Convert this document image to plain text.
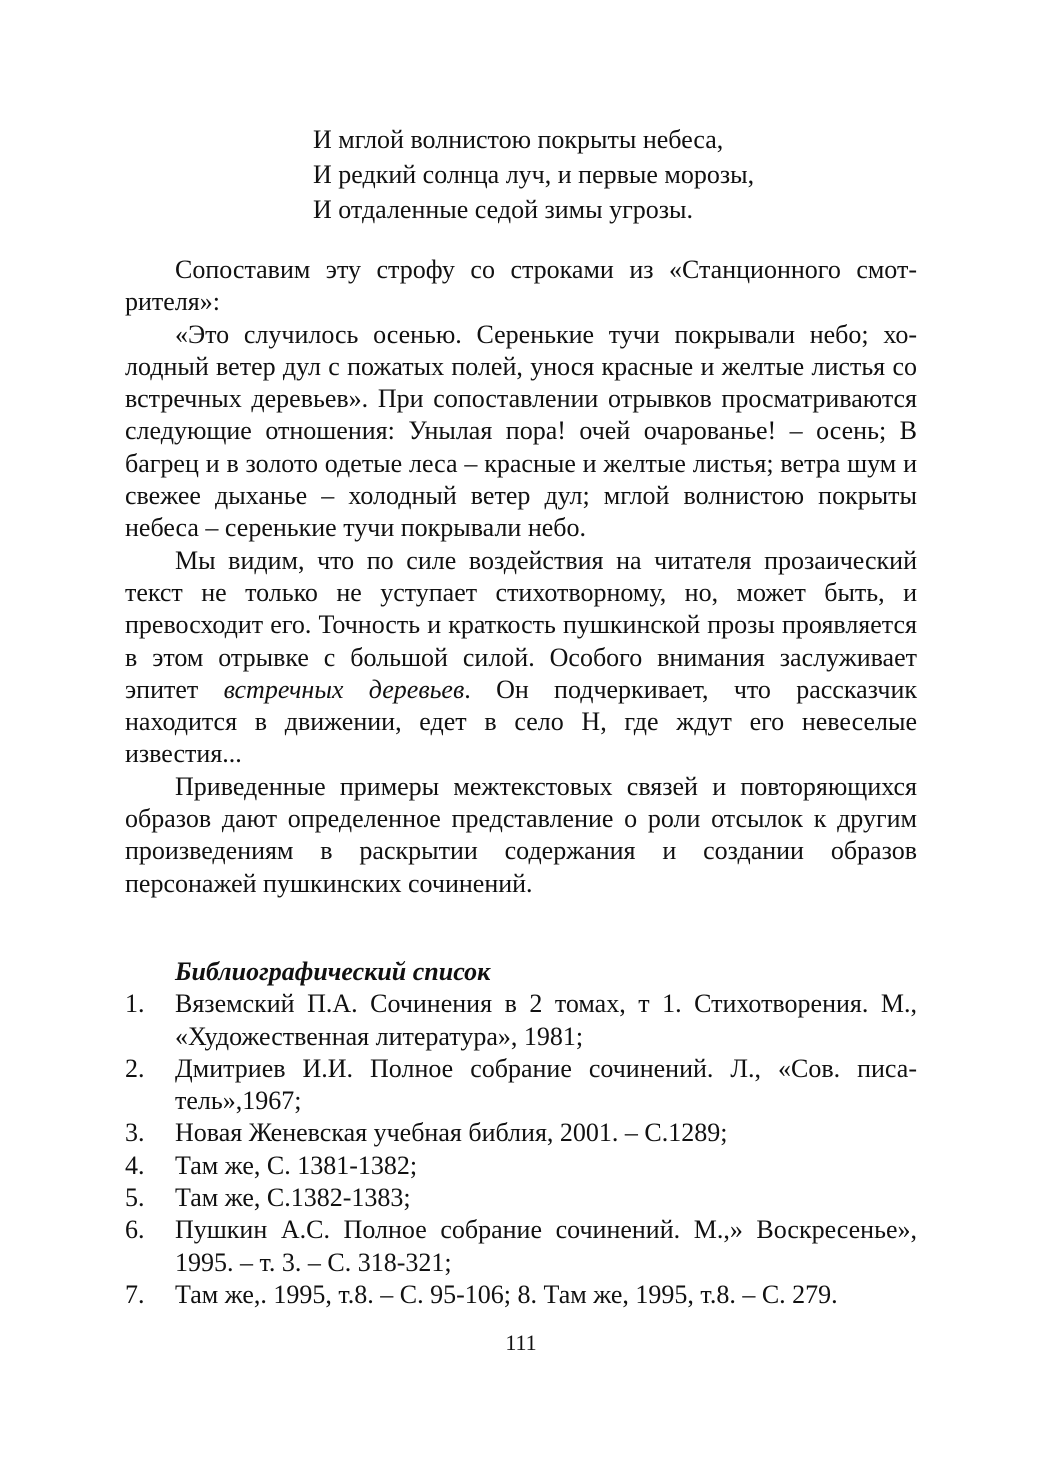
И мглой волнистою покрыты небеса,
И редкий солнца луч, и первые морозы,
И отдаленные седой зимы угрозы.

Сопоставим эту строфу со строками из «Станционного смотрителя»:

«Это случилось осенью. Серенькие тучи покрывали небо; холодный ветер дул с пожатых полей, унося красные и желтые листья со встречных деревьев». При сопоставлении отрывков просматриваются следующие отношения: Унылая пора! очей очарованье! – осень; В багрец и в золото одетые леса – красные и желтые листья; ветра шум и свежее дыханье – холодный ветер дул; мглой волнистою покрыты небеса – серенькие тучи покрывали небо.

Мы видим, что по силе воздействия на читателя прозаический текст не только не уступает стихотворному, но, может быть, и превосходит его. Точность и краткость пушкинской прозы проявляется в этом отрывке с большой силой. Особого внимания заслуживает эпитет встречных деревьев. Он подчеркивает, что рассказчик находится в движении, едет в село Н, где ждут его невеселые известия...

Приведенные примеры межтекстовых связей и повторяющихся образов дают определенное представление о роли отсылок к другим произведениям в раскрытии содержания и создании образов персонажей пушкинских сочинений.

Библиографический список

1.	Вяземский П.А. Сочинения в 2 томах, т 1. Стихотворения. М., «Художественная литература», 1981;
2.	Дмитриев И.И. Полное собрание сочинений. Л., «Сов. писатель»,1967;
3.	Новая Женевская учебная библия, 2001. – С.1289;
4.	Там же, С. 1381-1382;
5.	Там же, С.1382-1383;
6.	Пушкин А.С. Полное собрание сочинений. М.,» Воскресенье», 1995. – т. 3. – С. 318-321;
7.	Там же,. 1995, т.8. – С. 95-106; 8. Там же, 1995, т.8. – С. 279.
111
